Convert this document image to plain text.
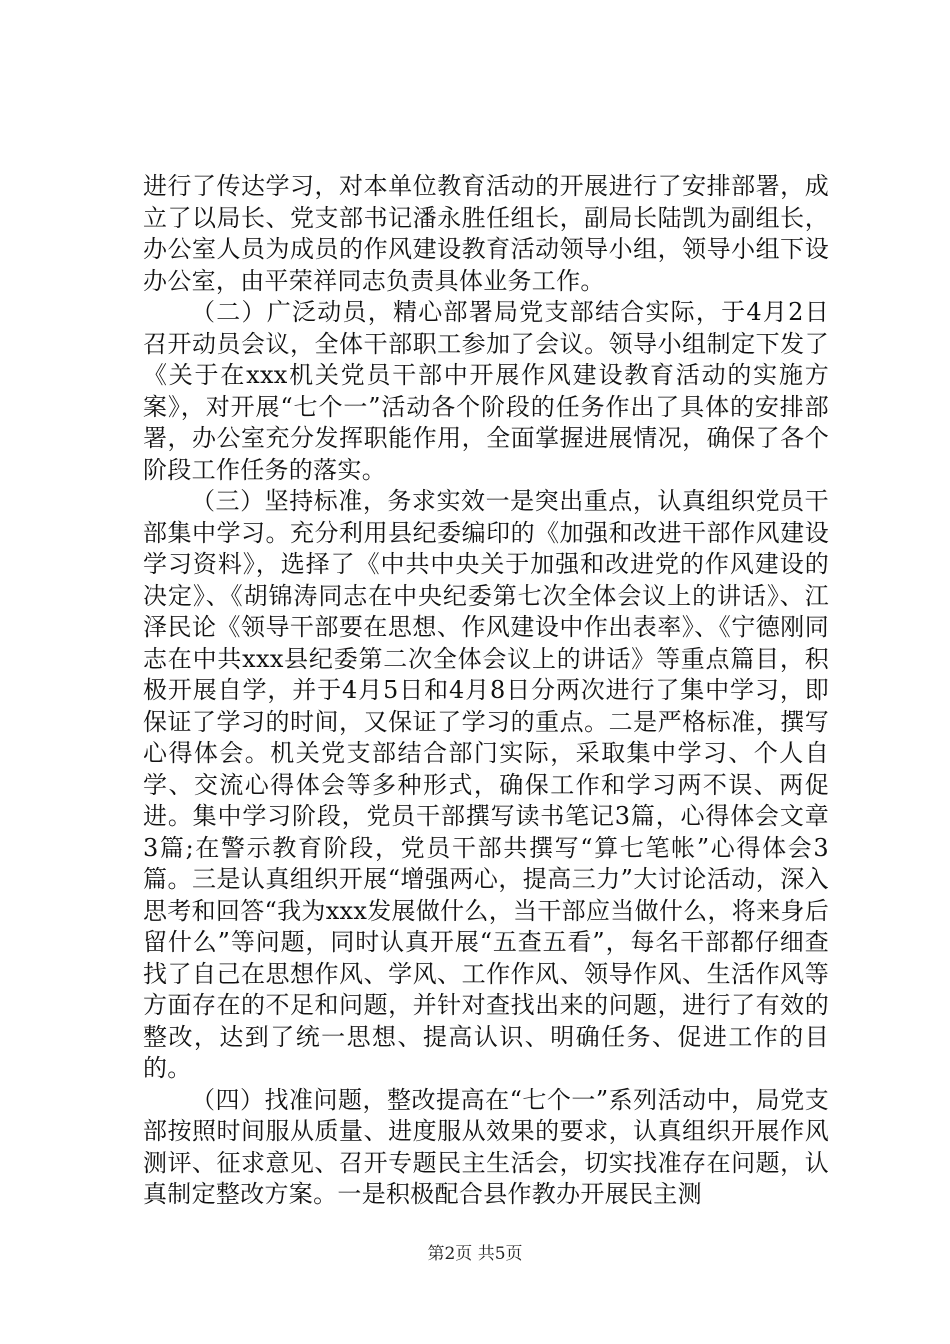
进行了传达学习，对本单位教育活动的开展进行了安排部署，成立了以局长、党支部书记潘永胜任组长，副局长陆凯为副组长，办公室人员为成员的作风建设教育活动领导小组，领导小组下设办公室，由平荣祥同志负责具体业务工作。

（二）广泛动员，精心部署局党支部结合实际，于4月2日召开动员会议，全体干部职工参加了会议。领导小组制定下发了《关于在xxx机关党员干部中开展作风建设教育活动的实施方案》，对开展“七个一”活动各个阶段的任务作出了具体的安排部署，办公室充分发挥职能作用，全面掌握进展情况，确保了各个阶段工作任务的落实。

（三）坚持标准，务求实效一是突出重点，认真组织党员干部集中学习。充分利用县纪委编印的《加强和改进干部作风建设学习资料》，选择了《中共中央关于加强和改进党的作风建设的决定》、《胡锦涛同志在中央纪委第七次全体会议上的讲话》、江泽民论《领导干部要在思想、作风建设中作出表率》、《宁德刚同志在中共xxx县纪委第二次全体会议上的讲话》等重点篇目，积极开展自学，并于4月5日和4月8日分两次进行了集中学习，即保证了学习的时间，又保证了学习的重点。二是严格标准，撰写心得体会。机关党支部结合部门实际，采取集中学习、个人自学、交流心得体会等多种形式，确保工作和学习两不误、两促进。集中学习阶段，党员干部撰写读书笔记3篇，心得体会文章3篇;在警示教育阶段，党员干部共撰写“算七笔帐”心得体会3篇。三是认真组织开展“增强两心，提高三力”大讨论活动，深入思考和回答“我为xxx发展做什么，当干部应当做什么，将来身后留什么”等问题，同时认真开展“五查五看”，每名干部都仔细查找了自己在思想作风、学风、工作作风、领导作风、生活作风等方面存在的不足和问题，并针对查找出来的问题，进行了有效的整改，达到了统一思想、提高认识、明确任务、促进工作的目的。

（四）找准问题，整改提高在“七个一”系列活动中，局党支部按照时间服从质量、进度服从效果的要求，认真组织开展作风测评、征求意见、召开专题民主生活会，切实找准存在问题，认真制定整改方案。一是积极配合县作教办开展民主测

第2页 共5页
